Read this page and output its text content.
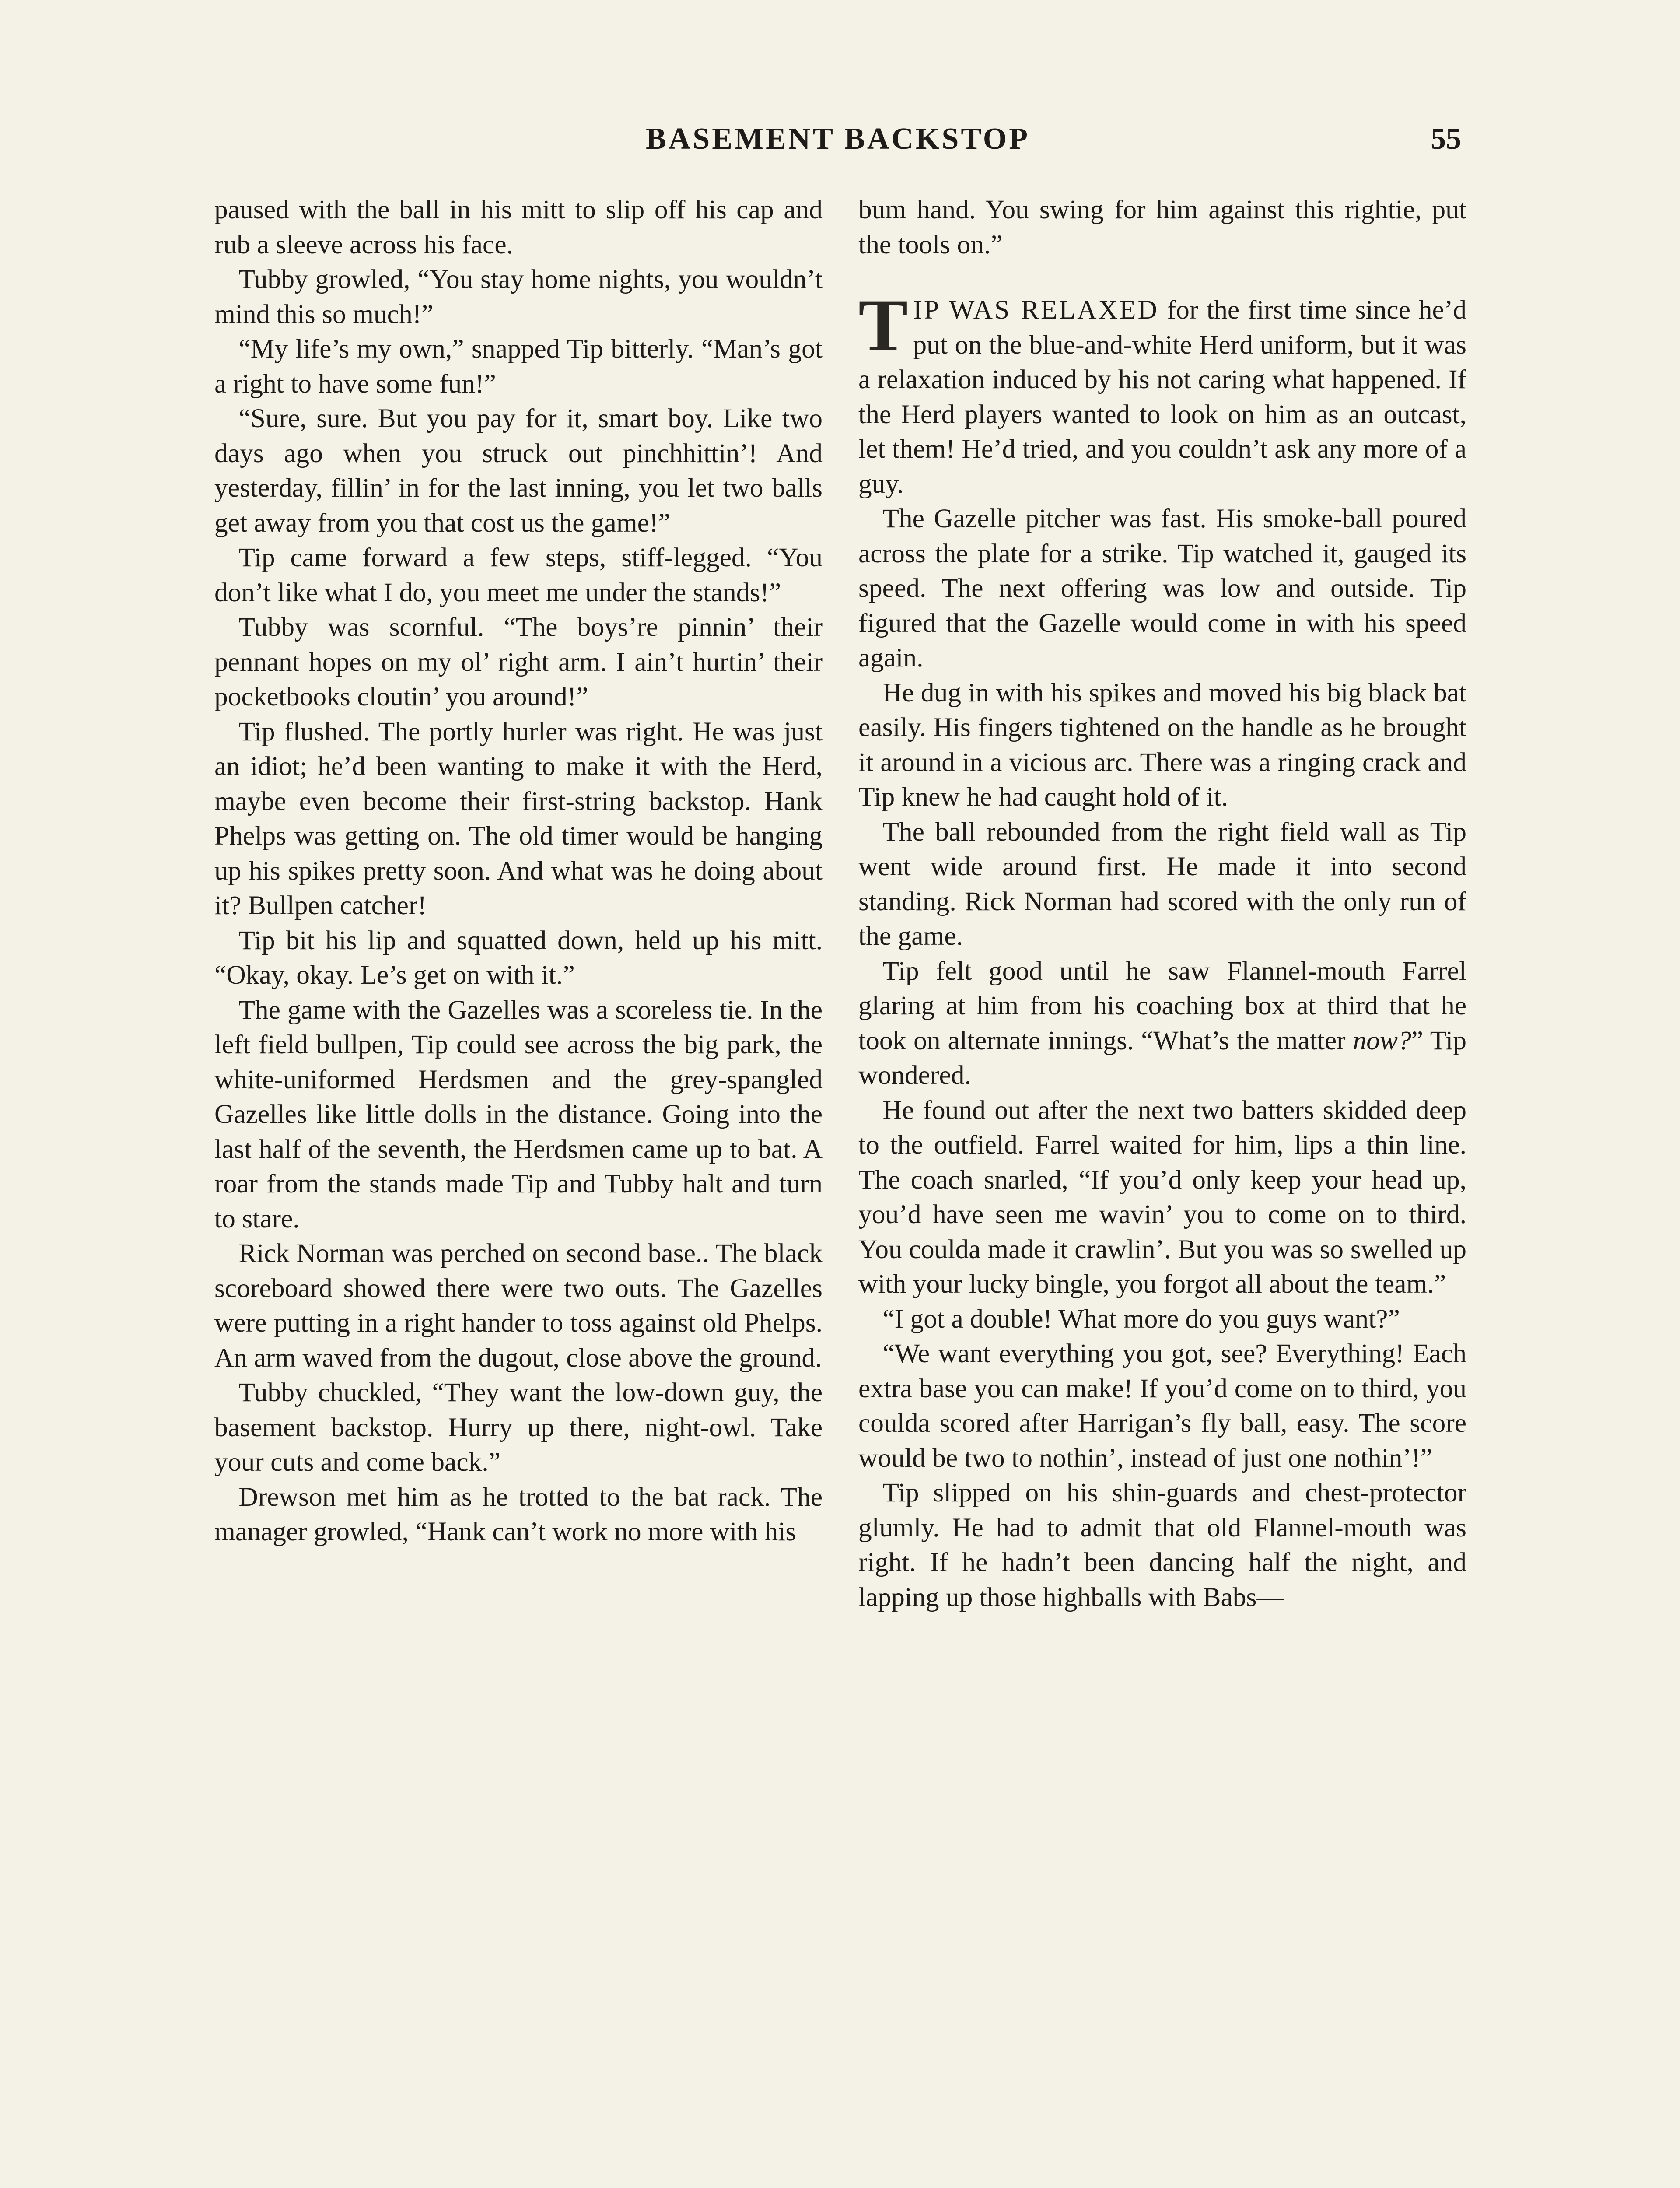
BASEMENT BACKSTOP	55

paused with the ball in his mitt to slip off his cap and rub a sleeve across his face.

Tubby growled, “You stay home nights, you wouldn’t mind this so much!”

“My life’s my own,” snapped Tip bitterly. “Man’s got a right to have some fun!”

“Sure, sure. But you pay for it, smart boy. Like two days ago when you struck out pinchhittin’! And yesterday, fillin’ in for the last inning, you let two balls get away from you that cost us the game!”

Tip came forward a few steps, stiff-legged. “You don’t like what I do, you meet me under the stands!”

Tubby was scornful. “The boys’re pinnin’ their pennant hopes on my ol’ right arm. I ain’t hurtin’ their pocketbooks cloutin’ you around!”

Tip flushed. The portly hurler was right. He was just an idiot; he’d been wanting to make it with the Herd, maybe even become their first-string backstop. Hank Phelps was getting on. The old timer would be hanging up his spikes pretty soon. And what was he doing about it? Bullpen catcher!

Tip bit his lip and squatted down, held up his mitt. “Okay, okay. Le’s get on with it.”

The game with the Gazelles was a scoreless tie. In the left field bullpen, Tip could see across the big park, the white-uniformed Herdsmen and the grey-spangled Gazelles like little dolls in the distance. Going into the last half of the seventh, the Herdsmen came up to bat. A roar from the stands made Tip and Tubby halt and turn to stare.

Rick Norman was perched on second base.. The black scoreboard showed there were two outs. The Gazelles were putting in a right hander to toss against old Phelps. An arm waved from the dugout, close above the ground.

Tubby chuckled, “They want the low-down guy, the basement backstop. Hurry up there, night-owl. Take your cuts and come back.”

Drewson met him as he trotted to the bat rack. The manager growled, “Hank can’t work no more with his

bum hand. You swing for him against this rightie, put the tools on.”

TIP WAS RELAXED for the first time since he’d put on the blue-and-white Herd uniform, but it was a relaxation induced by his not caring what happened. If the Herd players wanted to look on him as an outcast, let them! He’d tried, and you couldn’t ask any more of a guy.

The Gazelle pitcher was fast. His smoke-ball poured across the plate for a strike. Tip watched it, gauged its speed. The next offering was low and outside. Tip figured that the Gazelle would come in with his speed again.

He dug in with his spikes and moved his big black bat easily. His fingers tightened on the handle as he brought it around in a vicious arc. There was a ringing crack and Tip knew he had caught hold of it.

The ball rebounded from the right field wall as Tip went wide around first. He made it into second standing. Rick Norman had scored with the only run of the game.

Tip felt good until he saw Flannel-mouth Farrel glaring at him from his coaching box at third that he took on alternate innings. “What’s the matter now?” Tip wondered.

He found out after the next two batters skidded deep to the outfield. Farrel waited for him, lips a thin line. The coach snarled, “If you’d only keep your head up, you’d have seen me wavin’ you to come on to third. You coulda made it crawlin’. But you was so swelled up with your lucky bingle, you forgot all about the team.”

“I got a double! What more do you guys want?”

“We want everything you got, see? Everything! Each extra base you can make! If you’d come on to third, you coulda scored after Harrigan’s fly ball, easy. The score would be two to nothin’, instead of just one nothin’!”

Tip slipped on his shin-guards and chest-protector glumly. He had to admit that old Flannel-mouth was right. If he hadn’t been dancing half the night, and lapping up those highballs with Babs—
